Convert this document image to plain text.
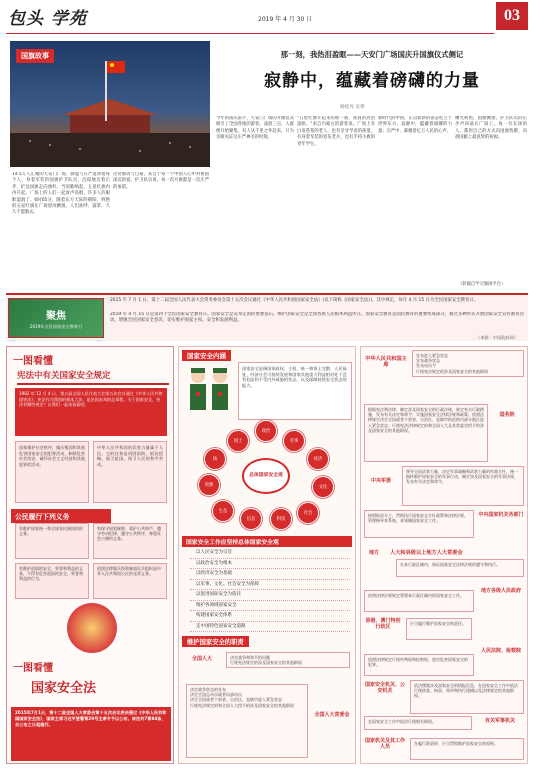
包头 学苑	2019 年 4 月 30 日	03
国旗故事	那一刻，我热泪盈眶——天安门广场国庆升国旗仪式侧记
寂静中，蕴藏着磅礴的力量
杨桂亮 吴零
14.5万人汇聚的天安门广场，静谧与庄严笼罩着每个人，身着军装的国旗护卫队员，沉稳地迈着正步，护送国旗走向旗杆。当国歌响起，五星红旗冉冉升起，广场上的人们一起放声高唱，许多人的眼眶湿润了。6时05分，随着东方天际的朝阳，鲜艳的五星红旗在广场迎风飘扬，人们欢呼、鼓掌，久久不愿散去。
这份感动与自豪，来自于每一个中国人心中对祖国深沉的爱。护卫队员说，每一次升旗都是一次庄严的承诺。
今年的国庆前夕，天安门广场的升旗仪式吸引了全国各地的游客。凌晨三点，人群便开始聚集。有人从千里之外赶来，只为亲眼见证这庄严神圣的时刻。
"五星红旗升起来的那一刻，我真的热泪盈眶。"来自内蒙古的游客说。广场上有白发苍苍的老人，也有牙牙学语的孩童，有身着军装的退伍老兵，也有手持小旗的青年学生。
新时代的中国，正以崭新的姿态屹立于世界东方。寂静中，蕴藏着磅礴的力量；庄严中，凝聚着亿万人民的心声。
曙光初照，国旗飘扬，护卫队员的正步声回荡在广场上。每一位在场的人，都用自己的方式向国旗致敬，向祖国献上最真挚的祝福。
（转载自学习强国平台）
聚焦
2019年全民国家安全教育日
2015 年 7 月 1 日，第十二届全国人民代表大会常务委员会第十五次会议通过《中华人民共和国国家安全法》(以下简称《国家安全法》)，其中规定，每年 4 月 15 日为全民国家安全教育日。
2019 年 4 月 15 日是第四个全民国家安全教育日。国家安全是安邦定国的重要基石，维护国家安全是全国各族人民根本利益所在。国家安全教育是国民教育的重要组成部分，通过多种形式开展国家安全宣传教育活动，增强全民国家安全意识，切实维护国家主权、安全和发展利益。
（来源：中国政府网）
一图看懂
宪法中有关国家安全规定
1982 年 12 月 4 日，第五届全国人民代表大会第五次会议通过《中华人民共和国宪法》，宪法作为我国的根本大法，是治国安邦的总章程。关于国家安全，宪法有哪些规定？让我们一起来看看吧。
国家维护社会秩序，镇压叛国和其他危害国家安全的犯罪活动，制裁危害社会治安、破坏社会主义经济和其他犯罪的活动。
中华人民共和国的武装力量属于人民。它的任务是巩固国防，抵抗侵略，保卫祖国，保卫人民的和平劳动。
公民履行下列义务
有维护国家统一和全国各民族团结的义务。
有保守国家秘密、爱护公共财产、遵守劳动纪律、遵守公共秩序、尊重社会公德的义务。
有维护祖国的安全、荣誉和利益的义务，不得有危害祖国的安全、荣誉和利益的行为。
依照法律服兵役和参加民兵组织是中华人民共和国公民的光荣义务。
一图看懂
国家安全法
2015年7月1日，第十二届全国人大常委会第十五次会议表决通过《中华人民共和国国家安全法》，国家主席习近平签署第29号主席令予以公布。该法共7章84条，自公布之日起施行。
国家安全内涵
国家安全是指国家政权、主权、统一和领土完整、人民福祉、经济社会可持续发展和国家其他重大利益相对处于没有危险和不受内外威胁的状态，以及保障持续安全状态的能力。
总体国家安全观
政治
国土	军事
经济
文化
社会
科技
信息
生态
资源
核
国家安全工作应坚持总体国家安全观
以人民安全为宗旨
以政治安全为根本
以经济安全为基础
以军事、文化、社会安全为保障
以促进国际安全为依托
维护各领域国家安全
构建国家安全体系
走中国特色国家安全道路
维护国家安全的职责
全国人大	决定战争和和平的问题
行使宪法规定的涉及国家安全的其他职权
决定战争状态的宣布
决定全国总动员或者局部动员
决定全国或者个别省、自治区、直辖市进入紧急状态
行使宪法规定的和全国人大授予的涉及国家安全的其他职权
全国人大常委会
中华人民共和国主席
宣布进入紧急状态
宣布战争状态
发布动员令
行使宪法规定的涉及国家安全的其他职权
国务院
根据宪法和法律，制定涉及国家安全的行政法规，规定有关行政措施，发布有关决定和命令；实施国家安全法律法规和政策；依照法律规定决定全国或者个别省、自治区、直辖市的范围内部分地区进入紧急状态；行使宪法法律规定的和全国人大及其常委会授予的涉及国家安全的其他职权。
中央军委
领导全国武装力量，决定军事战略和武装力量的作战方针，统一指挥维护国家安全的军事行动，制定涉及国家安全的军事法规，发布有关决定和命令。
按照职责分工，贯彻执行国家安全方针政策和法律法规，管理指导本系统、本领域国家安全工作。
中央国家机关各部门
地方	人大和县级以上地方人大常委会
在本行政区域内，保证国家安全法律法规的遵守和执行。
依照法律法规规定管理本行政区域内的国家安全工作。
地方各级人民政府
香港、澳门特别行政区
应当履行维护国家安全的责任。
人民法院、检察院
依照法律规定行使审判权和检察权，惩治危害国家安全的犯罪。
国家安全机关、公安机关
依法搜集涉及国家安全的情报信息，在国家安全工作中依法行使侦查、拘留、预审和执行逮捕以及法律规定的其他职权。
在国家安全工作中依法行使相关职权。	有关军事机关
国家机关及其工作人员
在履行职责时，应当贯彻维护国家安全的原则。
